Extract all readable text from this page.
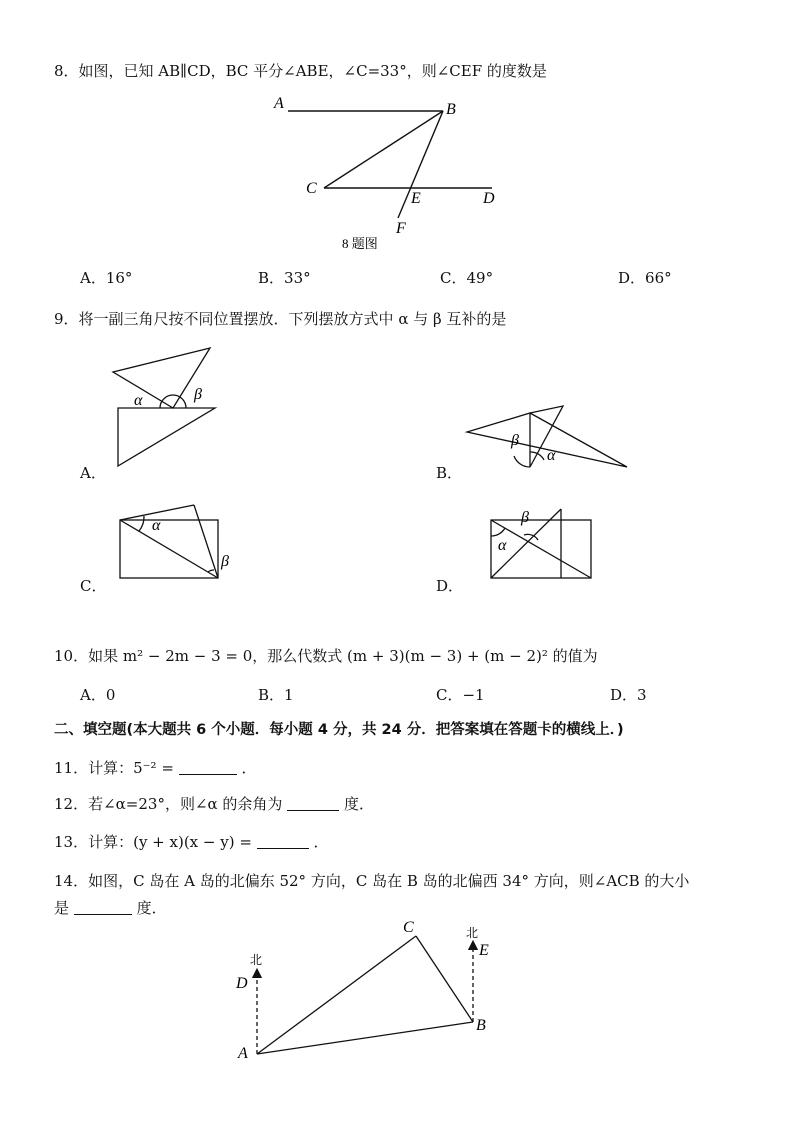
8．如图，已知 AB∥CD，BC 平分∠ABE，∠C=33°，则∠CEF 的度数是
A	B
C
E	D
F
8 题图
A．16°	B．33°	C．49°	D．66°
9．将一副三角尺按不同位置摆放．下列摆放方式中 α 与 β 互补的是
α	β
β
α
α
β
α
β
A．	B．
C．	D．
10．如果 m² − 2m − 3 = 0，那么代数式 (m + 3)(m − 3) + (m − 2)² 的值为
A．0	B．1	C．−1	D．3
二、填空题(本大题共 6 个小题．每小题 4 分，共 24 分．把答案填在答题卡的横线上．)
11．计算：5⁻² =	．
12．若∠α=23°，则∠α 的余角为	度．
13．计算：(y + x)(x − y) =	．
14．如图，C 岛在 A 岛的北偏东 52° 方向，C 岛在 B 岛的北偏西 34° 方向，则∠ACB 的大小
是	度．
北
北
D
E
C
B
A
